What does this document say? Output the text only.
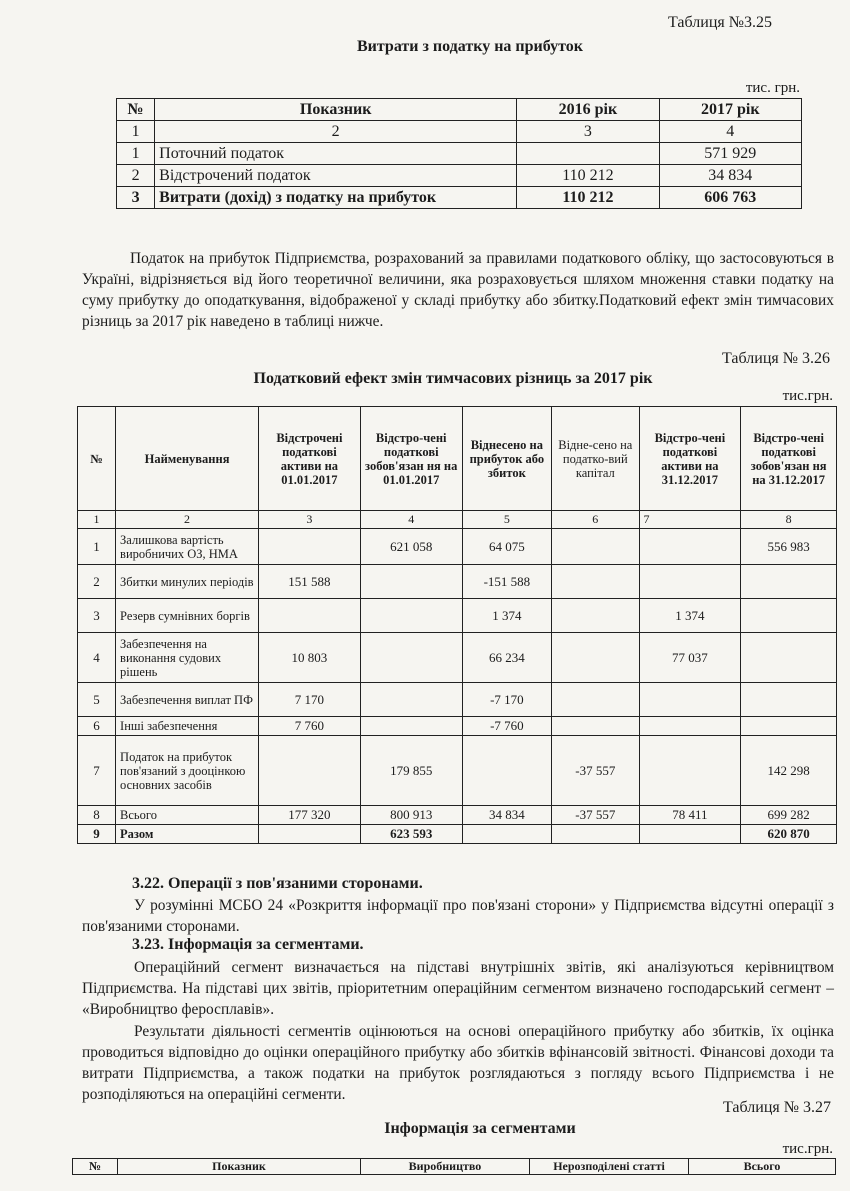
Таблиця №3.25
Витрати з податку на прибуток
тис. грн.
№	Показник	2016 рік	2017 рік
1	2	3	4
1	Поточний податок		571 929
2	Відстрочений податок	110 212	34 834
3	Витрати (дохід) з податку на прибуток	110 212	606 763
Податок на прибуток Підприємства, розрахований за правилами податкового обліку, що застосовуються в Україні, відрізняється від його теоретичної величини, яка розраховується шляхом множення ставки податку на суму прибутку до оподаткування, відображеної у складі прибутку або збитку.Податковий ефект змін тимчасових різниць за 2017 рік наведено в таблиці нижче.
Таблиця № 3.26
Податковий ефект змін тимчасових різниць за 2017 рік
тис.грн.
№	Найменування	Відстрочені податкові активи на 01.01.2017	Відстро-чені податкові зобов'язан ня на 01.01.2017	Віднесено на прибуток або збиток	Відне-сено на податко-вий капітал	Відстро-чені податкові активи на 31.12.2017	Відстро-чені податкові зобов'язан ня на 31.12.2017
1	2	3	4	5	6	7	8
1	Залишкова вартість виробничих ОЗ, НМА		621 058	64 075			556 983
2	Збитки минулих періодів	151 588		-151 588			
3	Резерв сумнівних боргів			1 374		1 374	
4	Забезпечення на виконання судових рішень	10 803		66 234		77 037	
5	Забезпечення виплат ПФ	7 170		-7 170			
6	Інші забезпечення	7 760		-7 760			
7	Податок на прибуток пов'язаний з дооцінкою основних засобів		179 855		-37 557		142 298
8	Всього	177 320	800 913	34 834	-37 557	78 411	699 282
9	Разом		623 593				620 870
3.22. Операції з пов'язаними сторонами.
У розумінні МСБО 24 «Розкриття інформації про пов'язані сторони» у Підприємства відсутні операції з пов'язаними сторонами.
3.23. Інформація за сегментами.
Операційний сегмент визначається на підставі внутрішніх звітів, які аналізуються керівництвом Підприємства. На підставі цих звітів, пріоритетним операційним сегментом визначено господарський сегмент – «Виробництво феросплавів».
Результати діяльності сегментів оцінюються на основі операційного прибутку або збитків, їх оцінка проводиться відповідно до оцінки операційного прибутку або збитків вфінансовій звітності. Фінансові доходи та витрати Підприємства, а також податки на прибуток розглядаються з погляду всього Підприємства і не розподіляються на операційні сегменти.
Таблиця № 3.27
Інформація за сегментами
тис.грн.
№	Показник	Виробництво	Нерозподілені статті	Всього
